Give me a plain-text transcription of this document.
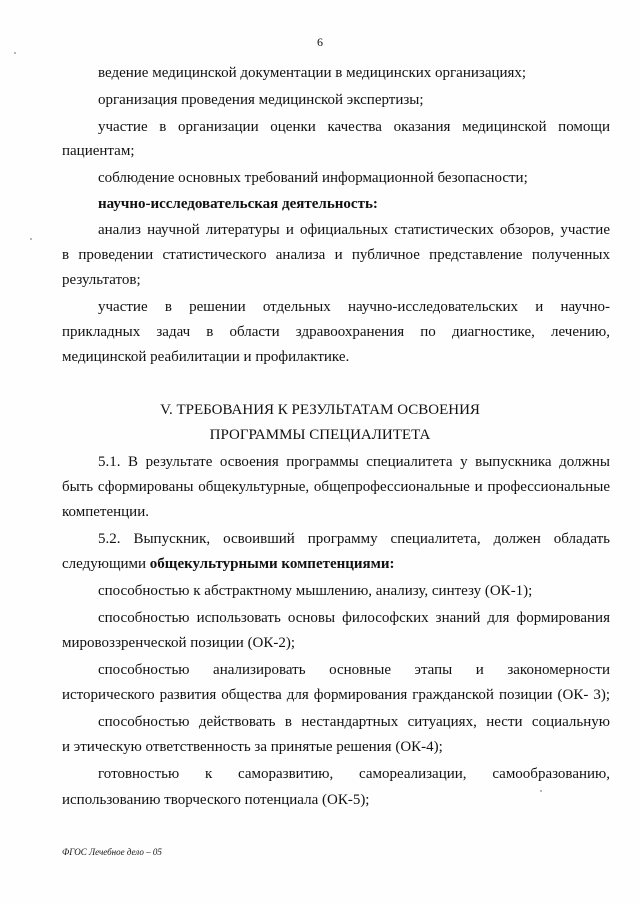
6
ведение медицинской документации в медицинских организациях;
организация проведения медицинской экспертизы;
участие в организации оценки качества оказания медицинской помощи
пациентам;
соблюдение основных требований информационной безопасности;
научно-исследовательская деятельность:
анализ научной литературы и официальных статистических обзоров, участие
в проведении статистического анализа и публичное представление полученных
результатов;
участие в решении отдельных научно-исследовательских и научно-
прикладных задач в области здравоохранения по диагностике, лечению,
медицинской реабилитации и профилактике.
V. ТРЕБОВАНИЯ К РЕЗУЛЬТАТАМ ОСВОЕНИЯ
ПРОГРАММЫ СПЕЦИАЛИТЕТА
5.1. В результате освоения программы специалитета у выпускника должны
быть сформированы общекультурные, общепрофессиональные и профессиональные
компетенции.
5.2. Выпускник, освоивший программу специалитета, должен обладать
следующими общекультурными компетенциями:
способностью к абстрактному мышлению, анализу, синтезу (ОК-1);
способностью использовать основы философских знаний для формирования
мировоззренческой позиции (ОК-2);
способностью анализировать основные этапы и закономерности
исторического развития общества для формирования гражданской позиции (ОК- 3);
способностью действовать в нестандартных ситуациях, нести социальную
и этическую ответственность за принятые решения (ОК-4);
готовностью к саморазвитию, самореализации, самообразованию,
использованию творческого потенциала (ОК-5);
ФГОС Лечебное дело – 05
